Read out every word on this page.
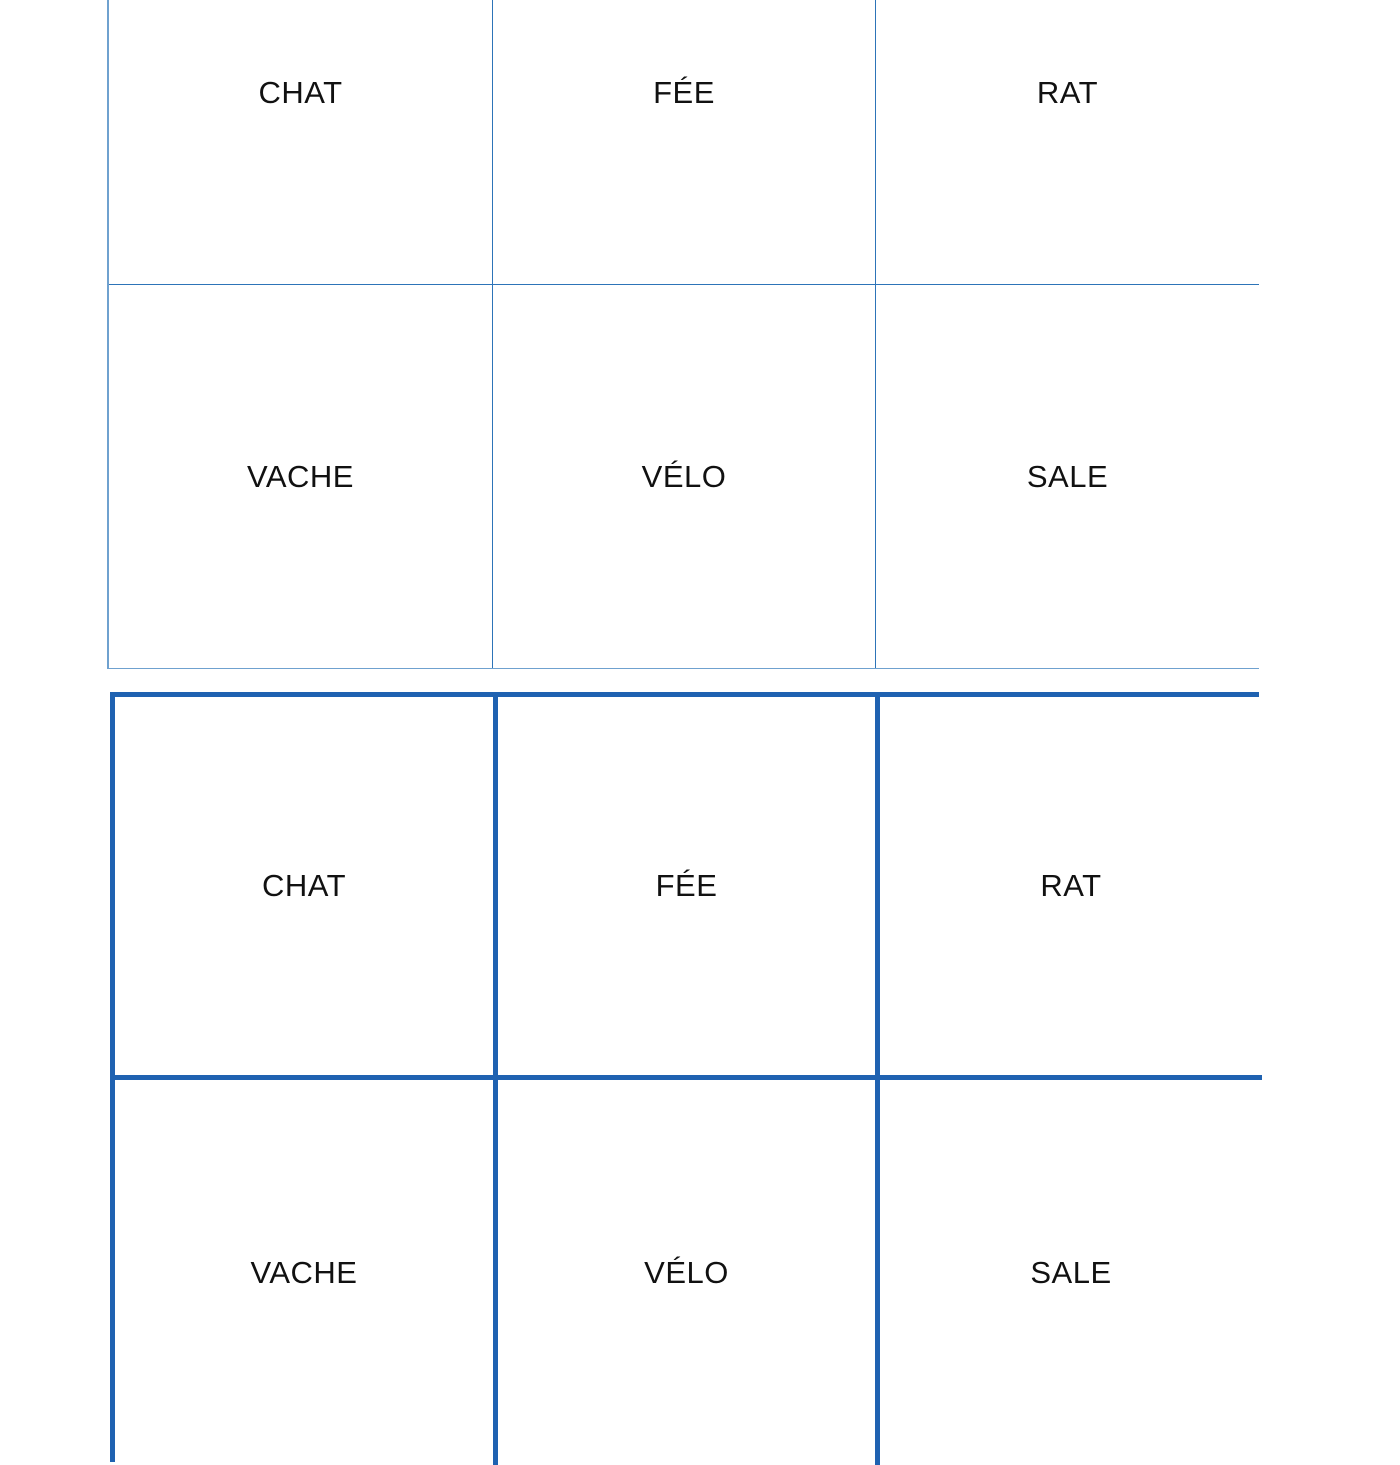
CHAT	FÉE	RAT
VACHE	VÉLO	SALE
CHAT	FÉE	RAT
VACHE	VÉLO	SALE
